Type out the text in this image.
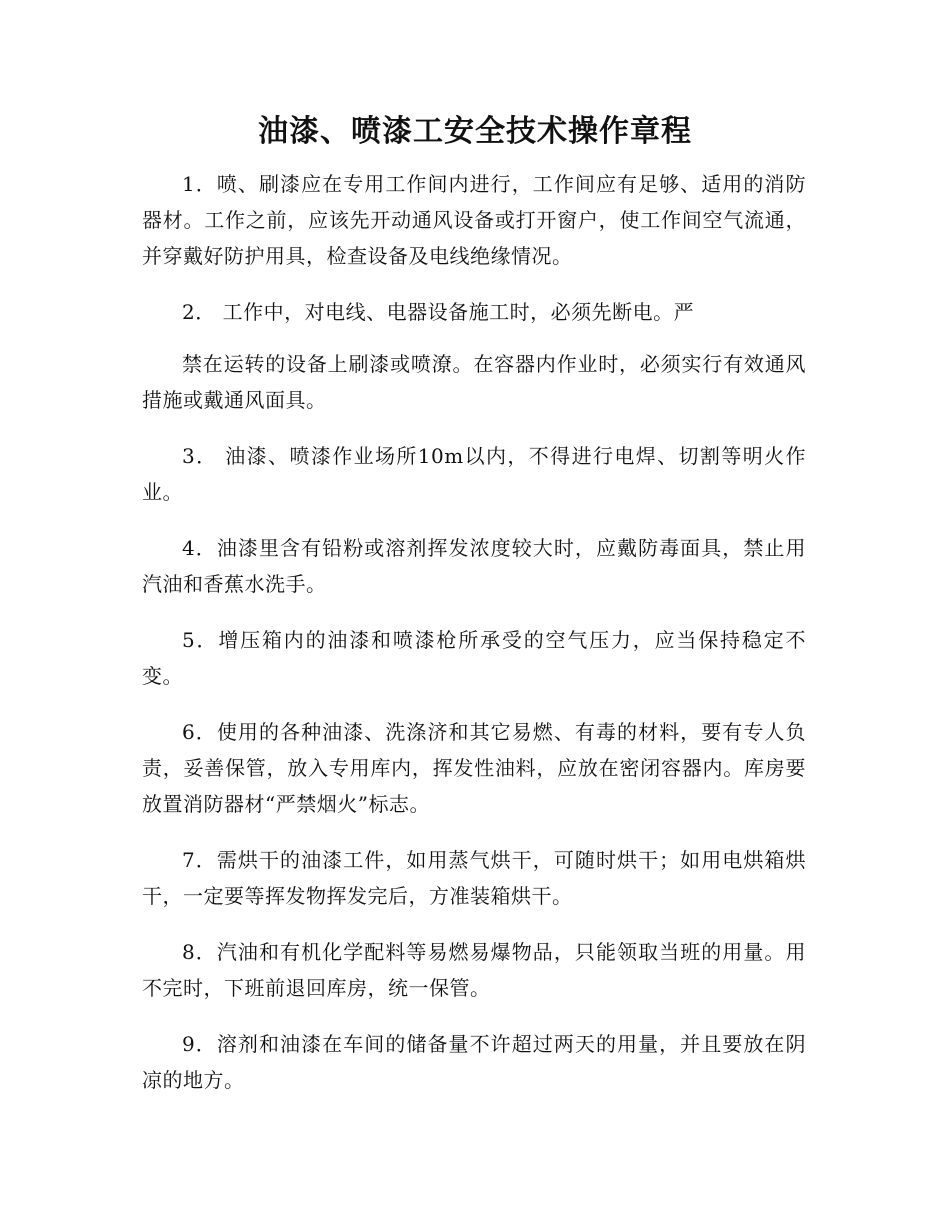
油漆、喷漆工安全技术操作章程

1．喷、刷漆应在专用工作间内进行，工作间应有足够、适用的消防器材。工作之前，应该先开动通风设备或打开窗户，使工作间空气流通，并穿戴好防护用具，检查设备及电线绝缘情况。

2． 工作中，对电线、电器设备施工时，必须先断电。严

禁在运转的设备上刷漆或喷潦。在容器内作业时，必须实行有效通风措施或戴通风面具。

3． 油漆、喷漆作业场所10m以内，不得进行电焊、切割等明火作业。

4．油漆里含有铅粉或溶剂挥发浓度较大时，应戴防毒面具，禁止用汽油和香蕉水洗手。

5．增压箱内的油漆和喷漆枪所承受的空气压力，应当保持稳定不变。

6．使用的各种油漆、洗涤济和其它易燃、有毒的材料，要有专人负责，妥善保管，放入专用库内，挥发性油料，应放在密闭容器内。库房要放置消防器材“严禁烟火”标志。

7．需烘干的油漆工件，如用蒸气烘干，可随时烘干；如用电烘箱烘干，一定要等挥发物挥发完后，方准装箱烘干。

8．汽油和有机化学配料等易燃易爆物品，只能领取当班的用量。用不完时，下班前退回库房，统一保管。

9．溶剂和油漆在车间的储备量不许超过两天的用量，并且要放在阴凉的地方。
